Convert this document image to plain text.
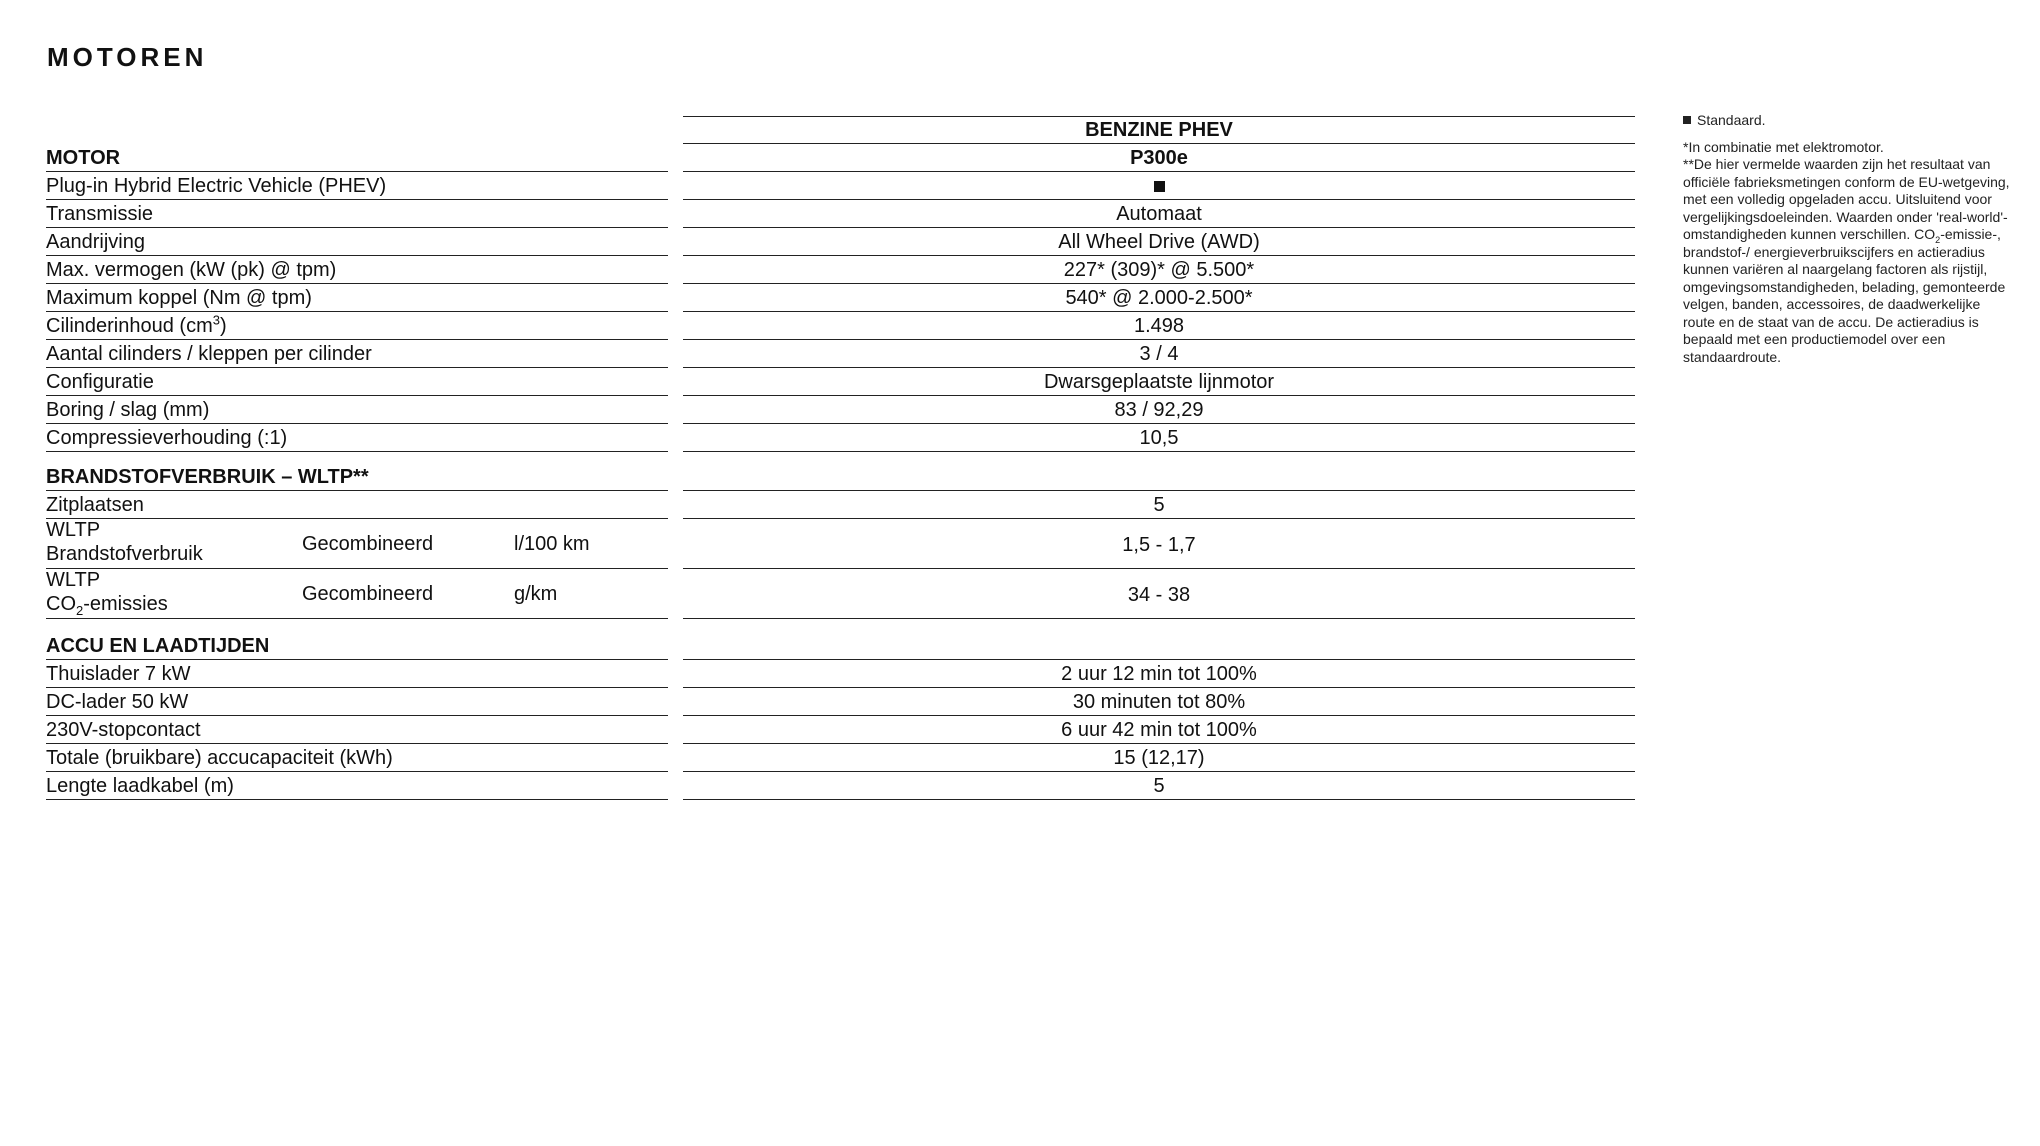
MOTOREN
BENZINE PHEV
MOTOR	P300e
Plug-in Hybrid Electric Vehicle (PHEV)
Transmissie	Automaat
Aandrijving	All Wheel Drive (AWD)
Max. vermogen (kW (pk) @ tpm)	227* (309)* @ 5.500*
Maximum koppel (Nm @ tpm)	540* @ 2.000-2.500*
Cilinderinhoud $(cm^3)$	1.498
Aantal cilinders / kleppen per cilinder	3 / 4
Configuratie	Dwarsgeplaatste lijnmotor
Boring / slag (mm)	83 / 92,29
Compressieverhouding (:1)	10,5
BRANDSTOFVERBRUIK – WLTP**
Zitplaatsen	5
WLTP
Brandstofverbruik	Gecombineerd	l/100 km	1,5 - 1,7
WLTP
$CO_2$-emissies	Gecombineerd	g/km	34 - 38
ACCU EN LAADTIJDEN
Thuislader 7 kW	2 uur 12 min tot 100%
DC-lader 50 kW	30 minuten tot 80%
230V-stopcontact	6 uur 42 min tot 100%
Totale (bruikbare) accucapaciteit (kWh)	15 (12,17)
Lengte laadkabel (m)	5

Standaard.

*In combinatie met elektromotor.

**De hier vermelde waarden zijn het resultaat van officiële fabrieksmetingen conform de EU-wetgeving, met een volledig opgeladen accu. Uitsluitend voor vergelijkingsdoeleinden. Waarden onder 'real-world'-omstandigheden kunnen verschillen. $CO_2-emissie-$, brandstof-/ energieverbruikscijfers en actieradius kunnen variëren al naargelang factoren als rijstijl, omgevingsomstandigheden, belading, gemonteerde velgen, banden, accessoires, de daadwerkelijke route en de staat van de accu. De actieradius is bepaald met een productiemodel over een standaardroute.
